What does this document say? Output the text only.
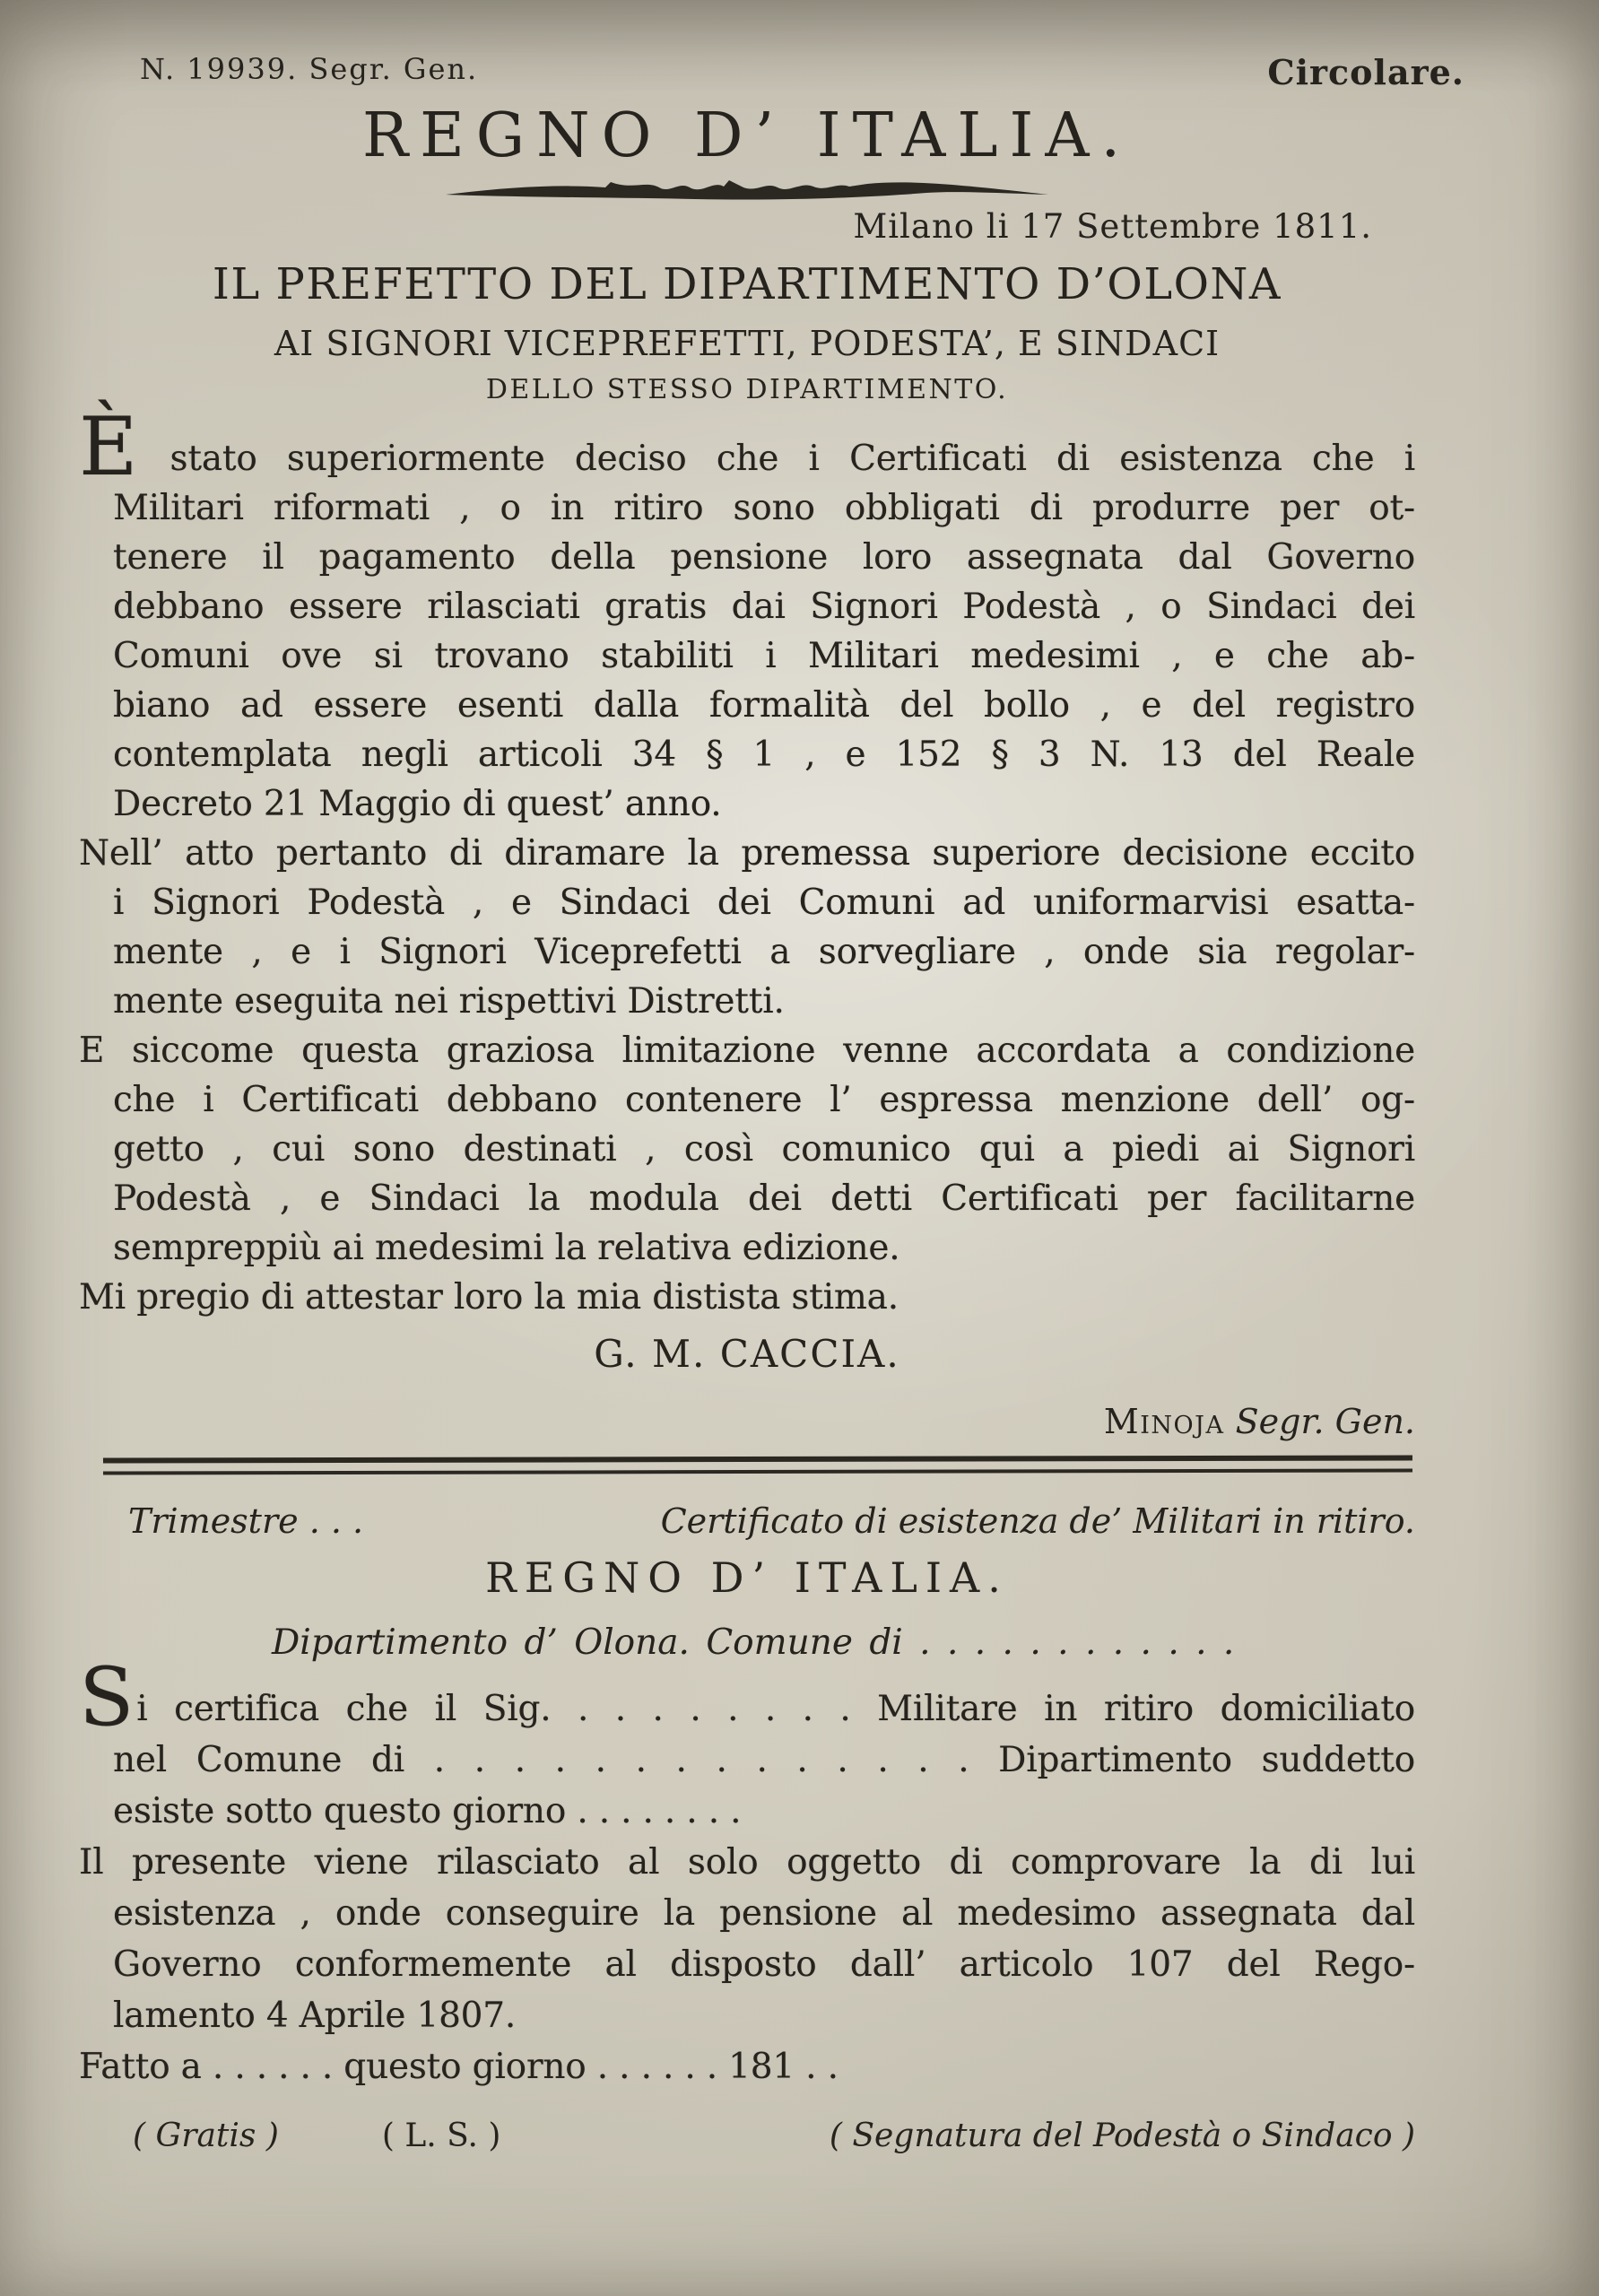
N. 19939. Segr. Gen.	Circolare.
REGNO D’ ITALIA.
Milano li 17 Settembre 1811.
IL PREFETTO DEL DIPARTIMENTO D’OLONA
AI SIGNORI VICEPREFETTI, PODESTA’, E SINDACI
DELLO STESSO DIPARTIMENTO.
È stato superiormente deciso che i Certificati di esistenza che i
Militari riformati , o in ritiro sono obbligati di produrre per ot-
tenere il pagamento della pensione loro assegnata dal Governo
debbano essere rilasciati gratis dai Signori Podestà , o Sindaci dei
Comuni ove si trovano stabiliti i Militari medesimi , e che ab-
biano ad essere esenti dalla formalità del bollo , e del registro
contemplata negli articoli 34 § 1 , e 152 § 3 N. 13 del Reale
Decreto 21 Maggio di quest’ anno.
Nell’ atto pertanto di diramare la premessa superiore decisione eccito
i Signori Podestà , e Sindaci dei Comuni ad uniformarvisi esatta-
mente , e i Signori Viceprefetti a sorvegliare , onde sia regolar-
mente eseguita nei rispettivi Distretti.
E siccome questa graziosa limitazione venne accordata a condizione
che i Certificati debbano contenere l’ espressa menzione dell’ og-
getto , cui sono destinati , così comunico qui a piedi ai Signori
Podestà , e Sindaci la modula dei detti Certificati per facilitarne
sempreppiù ai medesimi la relativa edizione.
Mi pregio di attestar loro la mia distista stima.
G. M. CACCIA.
Minoja Segr. Gen.
Trimestre . . .	Certificato di esistenza de’ Militari in ritiro.
REGNO D’ ITALIA.
Dipartimento d’ Olona. Comune di . . . . . . . . . . . .
Si certifica che il Sig. . . . . . . . . Militare in ritiro domiciliato
nel Comune di . . . . . . . . . . . . . . Dipartimento suddetto
esiste sotto questo giorno . . . . . . . .
Il presente viene rilasciato al solo oggetto di comprovare la di lui
esistenza , onde conseguire la pensione al medesimo assegnata dal
Governo conformemente al disposto dall’ articolo 107 del Rego-
lamento 4 Aprile 1807.
Fatto a . . . . . . questo giorno . . . . . . 181 . .
( Gratis )	( L. S. )	( Segnatura del Podestà o Sindaco )
